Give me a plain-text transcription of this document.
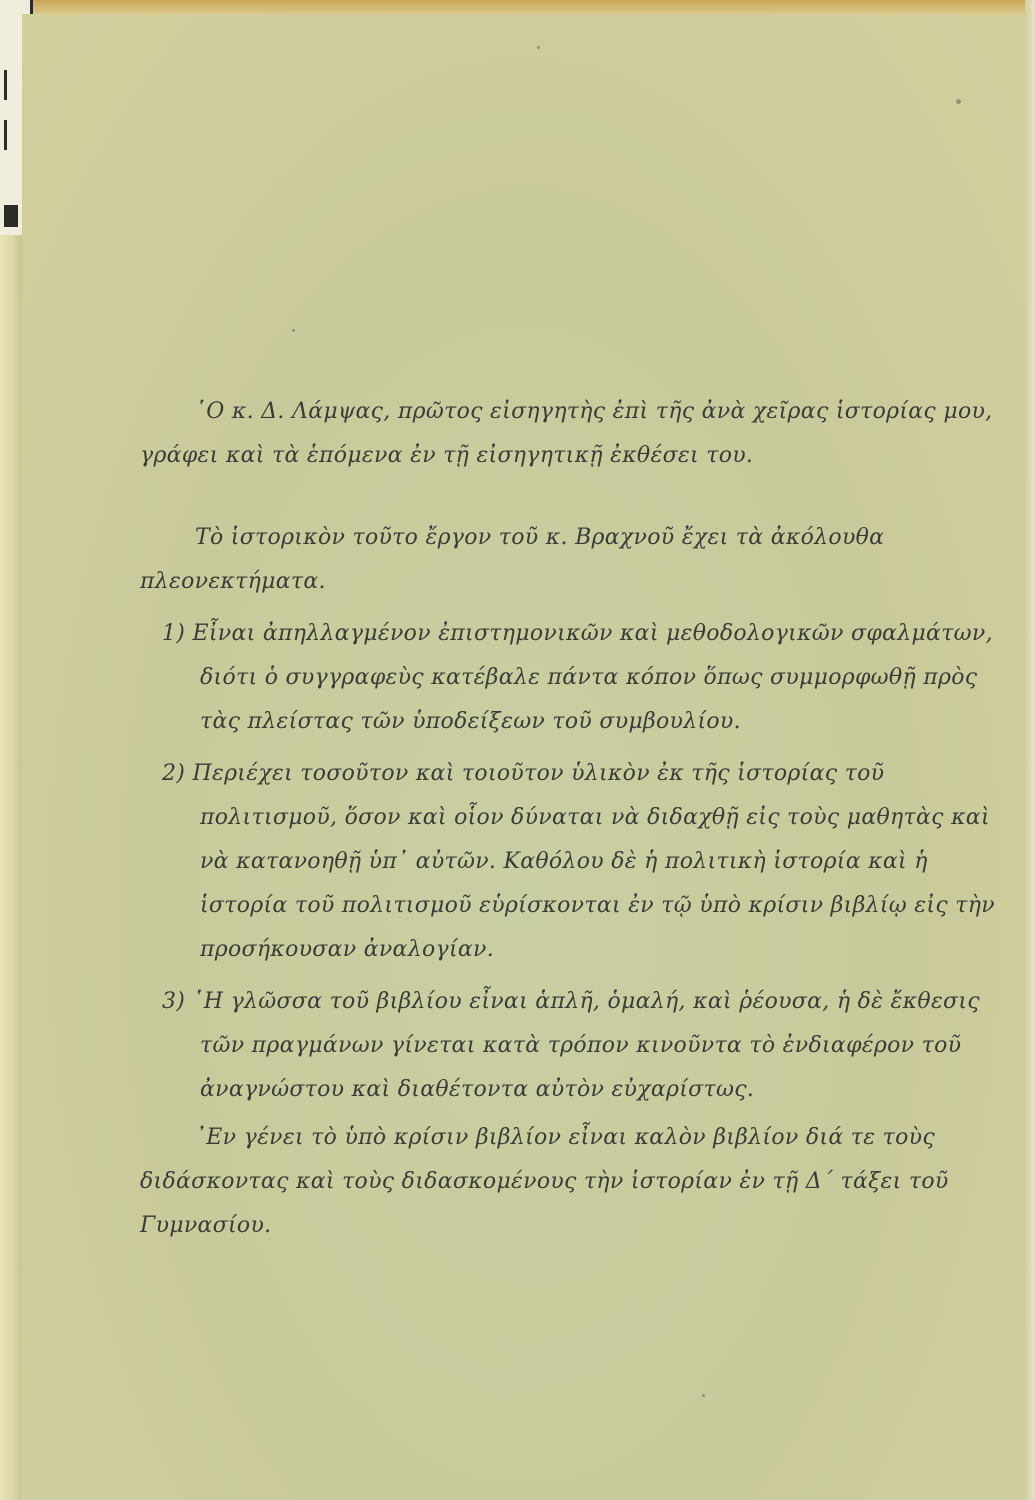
῾Ο κ. Δ. Λάμψας, πρῶτος εἰσηγητὴς ἐπὶ τῆς ἀνὰ χεῖρας ἱστορίας μου, γράφει καὶ τὰ ἑπόμενα ἐν τῇ εἰσηγητικῇ ἐκθέσει του.

Τὸ ἱστορικὸν τοῦτο ἔργον τοῦ κ. Βραχνοῦ ἔχει τὰ ἀκόλουθα πλεονεκτήματα.

1) Εἶναι ἀπηλλαγμένον ἐπιστημονικῶν καὶ μεθοδολογικῶν σφαλμάτων, διότι ὁ συγγραφεὺς κατέβαλε πάντα κόπον ὅπως συμμορφωθῇ πρὸς τὰς πλείστας τῶν ὑποδείξεων τοῦ συμβουλίου.

2) Περιέχει τοσοῦτον καὶ τοιοῦτον ὑλικὸν ἐκ τῆς ἱστορίας τοῦ πολιτισμοῦ, ὅσον καὶ οἷον δύναται νὰ διδαχθῇ εἰς τοὺς μαθητὰς καὶ νὰ κατανοηθῇ ὑπ᾿ αὐτῶν. Καθόλου δὲ ἡ πολιτικὴ ἱστορία καὶ ἡ ἱστορία τοῦ πολιτισμοῦ εὑρίσκονται ἐν τῷ ὑπὸ κρίσιν βιβλίῳ εἰς τὴν προσήκουσαν ἀναλογίαν.

3) ῾Η γλῶσσα τοῦ βιβλίου εἶναι ἁπλῆ, ὁμαλή, καὶ ῥέουσα, ἡ δὲ ἔκθεσις τῶν πραγμάνων γίνεται κατὰ τρόπον κινοῦντα τὸ ἐνδιαφέρον τοῦ ἀναγνώστου καὶ διαθέτοντα αὐτὸν εὐχαρίστως.

᾿Εν γένει τὸ ὑπὸ κρίσιν βιβλίον εἶναι καλὸν βιβλίον διά τε τοὺς διδάσκοντας καὶ τοὺς διδασκομένους τὴν ἱστορίαν ἐν τῇ Δ΄ τάξει τοῦ Γυμνασίου.
